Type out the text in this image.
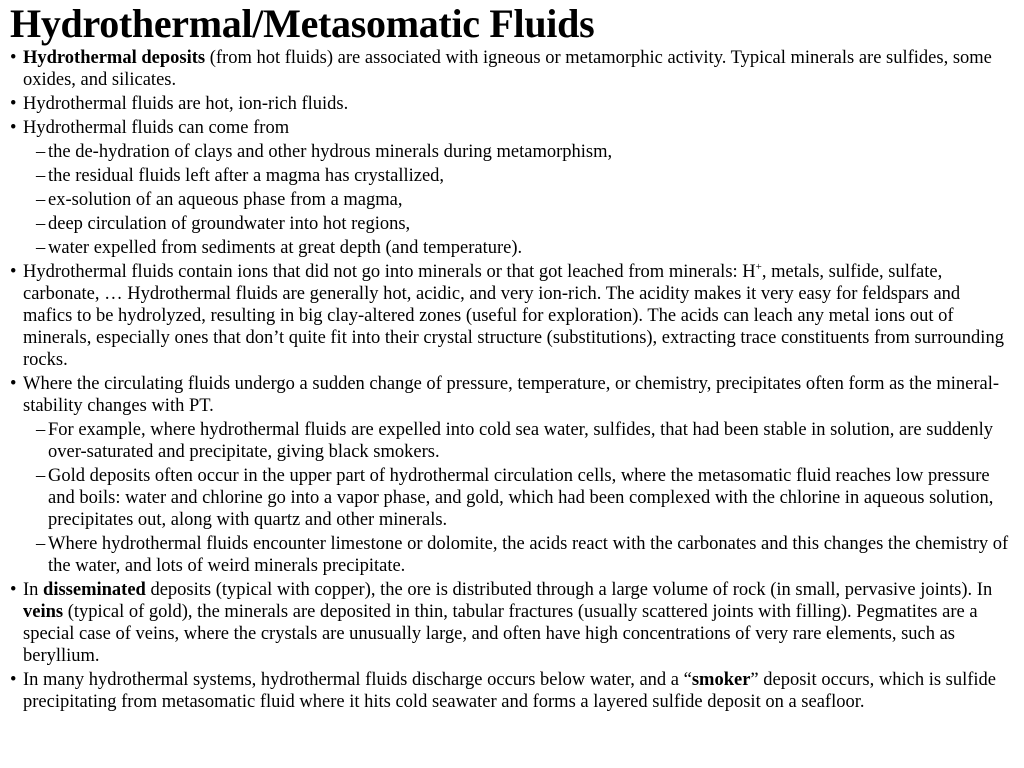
Hydrothermal/Metasomatic Fluids
• Hydrothermal deposits (from hot fluids) are associated with igneous or metamorphic activity. Typical minerals are sulfides, some oxides, and silicates.
• Hydrothermal fluids are hot, ion-rich fluids.
• Hydrothermal fluids can come from
– the de-hydration of clays and other hydrous minerals during metamorphism,
– the residual fluids left after a magma has crystallized,
– ex-solution of an aqueous phase from a magma,
– deep circulation of groundwater into hot regions,
– water expelled from sediments at great depth (and temperature).
• Hydrothermal fluids contain ions that did not go into minerals or that got leached from minerals: H+, metals, sulfide, sulfate, carbonate, … Hydrothermal fluids are generally hot, acidic, and very ion-rich. The acidity makes it very easy for feldspars and mafics to be hydrolyzed, resulting in big clay-altered zones (useful for exploration). The acids can leach any metal ions out of minerals, especially ones that don’t quite fit into their crystal structure (substitutions), extracting trace constituents from surrounding rocks.
• Where the circulating fluids undergo a sudden change of pressure, temperature, or chemistry, precipitates often form as the mineral-stability changes with PT.
– For example, where hydrothermal fluids are expelled into cold sea water, sulfides, that had been stable in solution, are suddenly over-saturated and precipitate, giving black smokers.
– Gold deposits often occur in the upper part of hydrothermal circulation cells, where the metasomatic fluid reaches low pressure and boils: water and chlorine go into a vapor phase, and gold, which had been complexed with the chlorine in aqueous solution, precipitates out, along with quartz and other minerals.
– Where hydrothermal fluids encounter limestone or dolomite, the acids react with the carbonates and this changes the chemistry of the water, and lots of weird minerals precipitate.
• In disseminated deposits (typical with copper), the ore is distributed through a large volume of rock (in small, pervasive joints). In veins (typical of gold), the minerals are deposited in thin, tabular fractures (usually scattered joints with filling). Pegmatites are a special case of veins, where the crystals are unusually large, and often have high concentrations of very rare elements, such as beryllium.
• In many hydrothermal systems, hydrothermal fluids discharge occurs below water, and a “smoker” deposit occurs, which is sulfide precipitating from metasomatic fluid where it hits cold seawater and forms a layered sulfide deposit on a seafloor.
